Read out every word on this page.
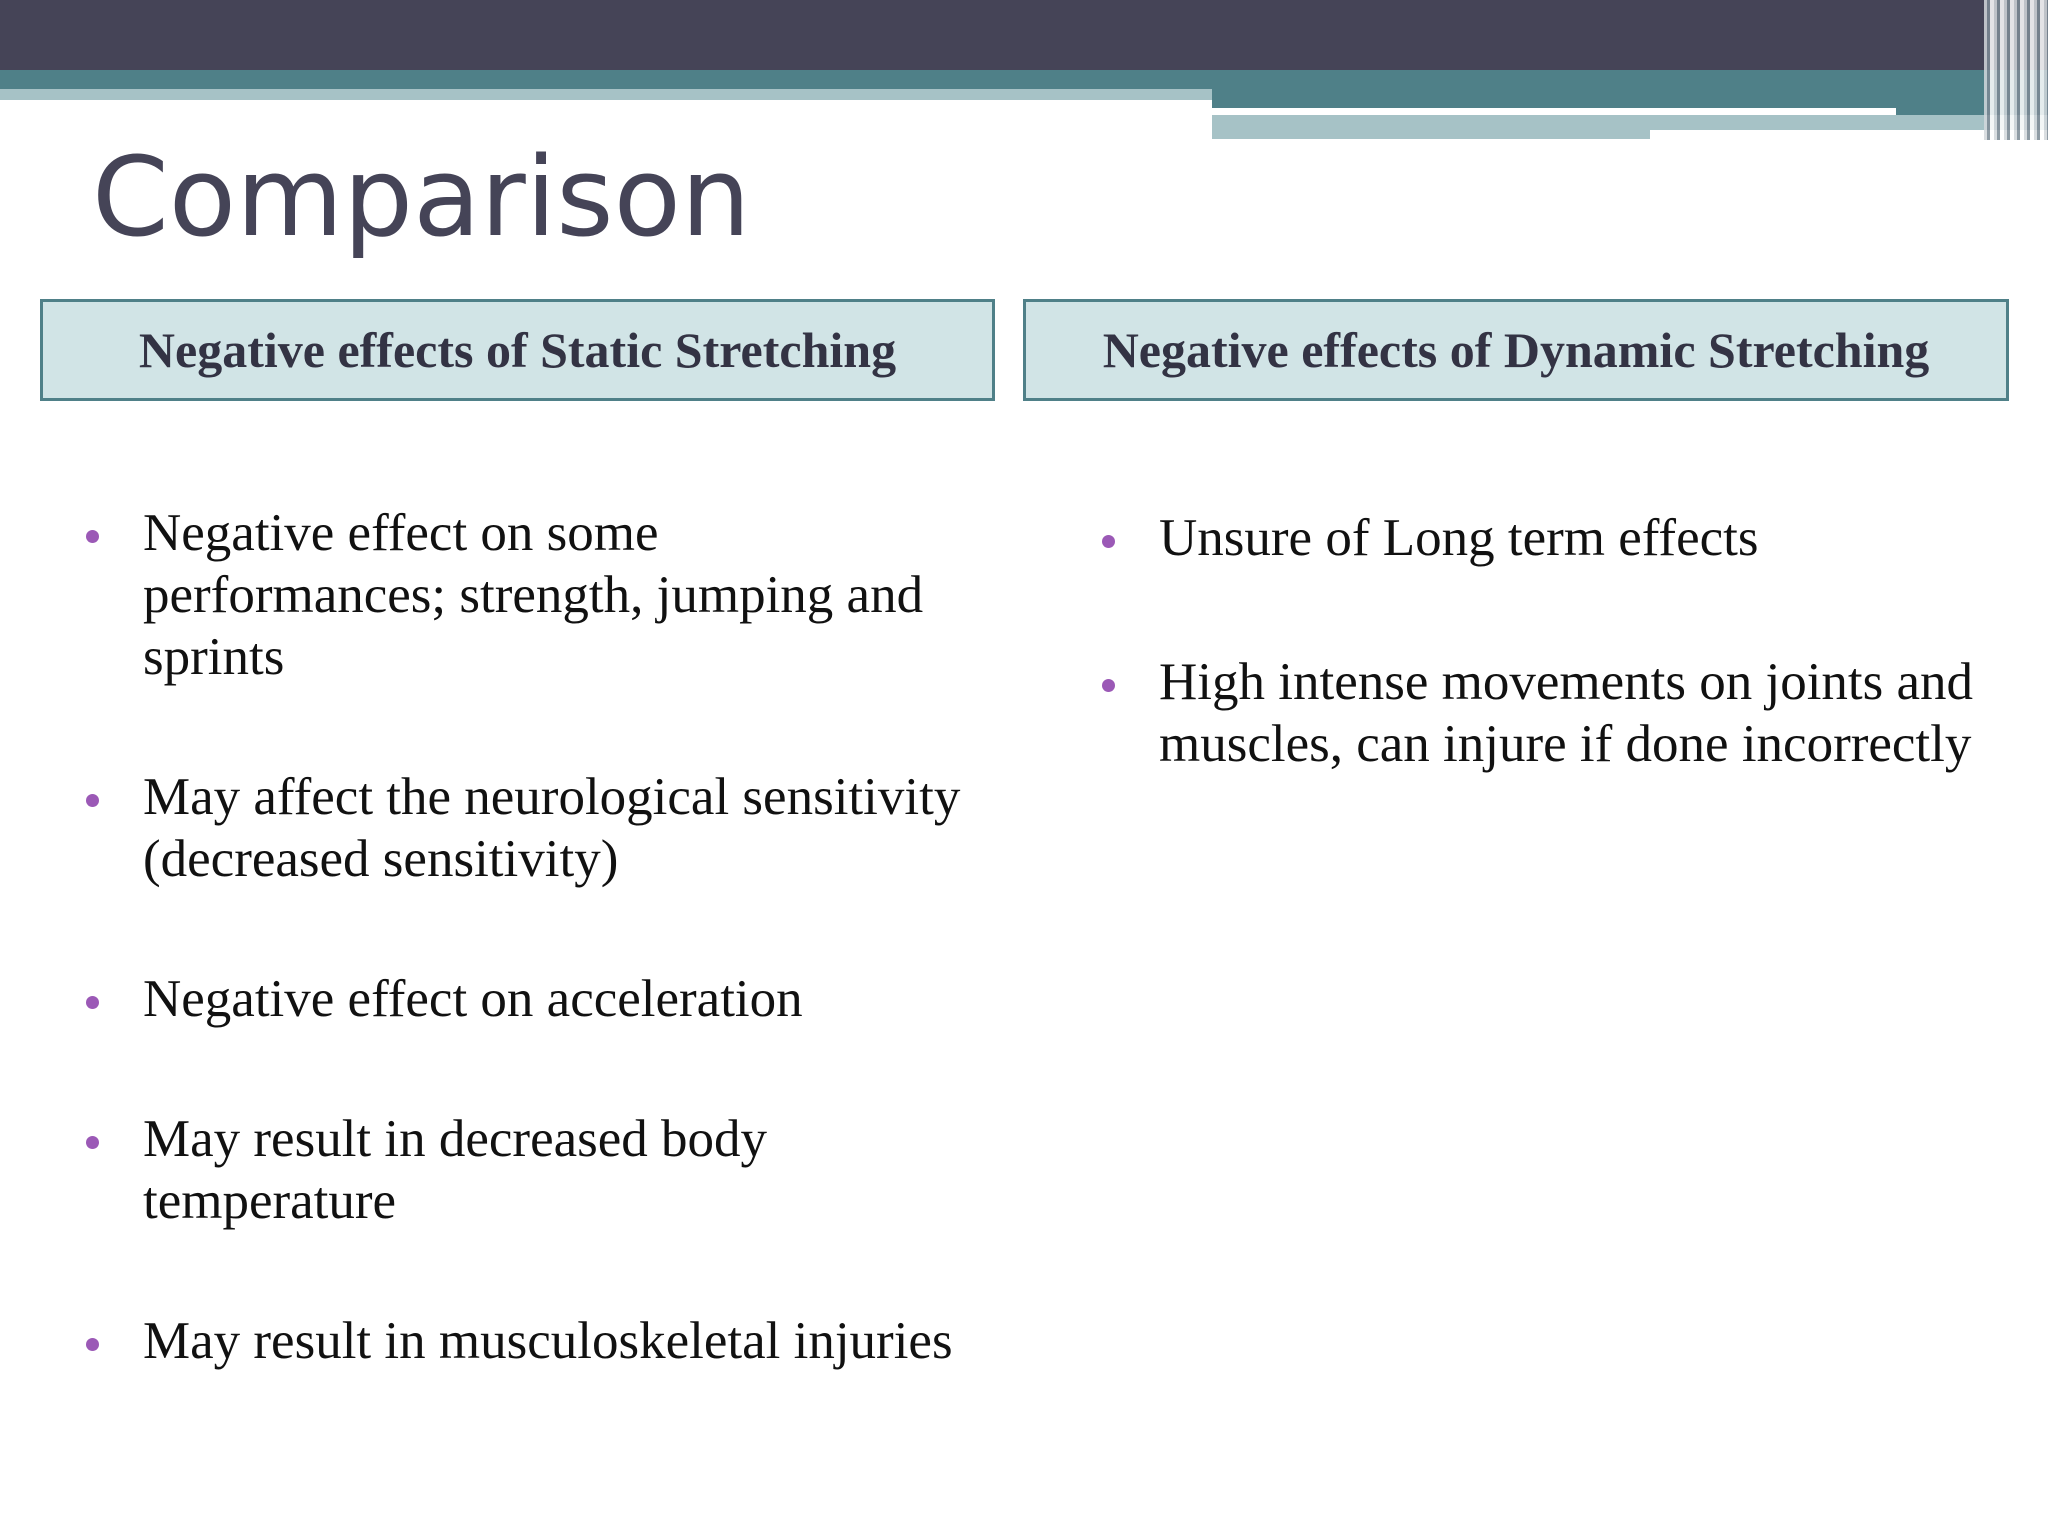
Comparison
Negative effects of Static Stretching	Negative effects of Dynamic Stretching
Negative effect on some performances; strength, jumping and sprints
May affect the neurological sensitivity (decreased sensitivity)
Negative effect on acceleration
May result in decreased body temperature
May result in musculoskeletal injuries
Unsure of Long term effects
High intense movements on joints and muscles, can injure if done incorrectly
